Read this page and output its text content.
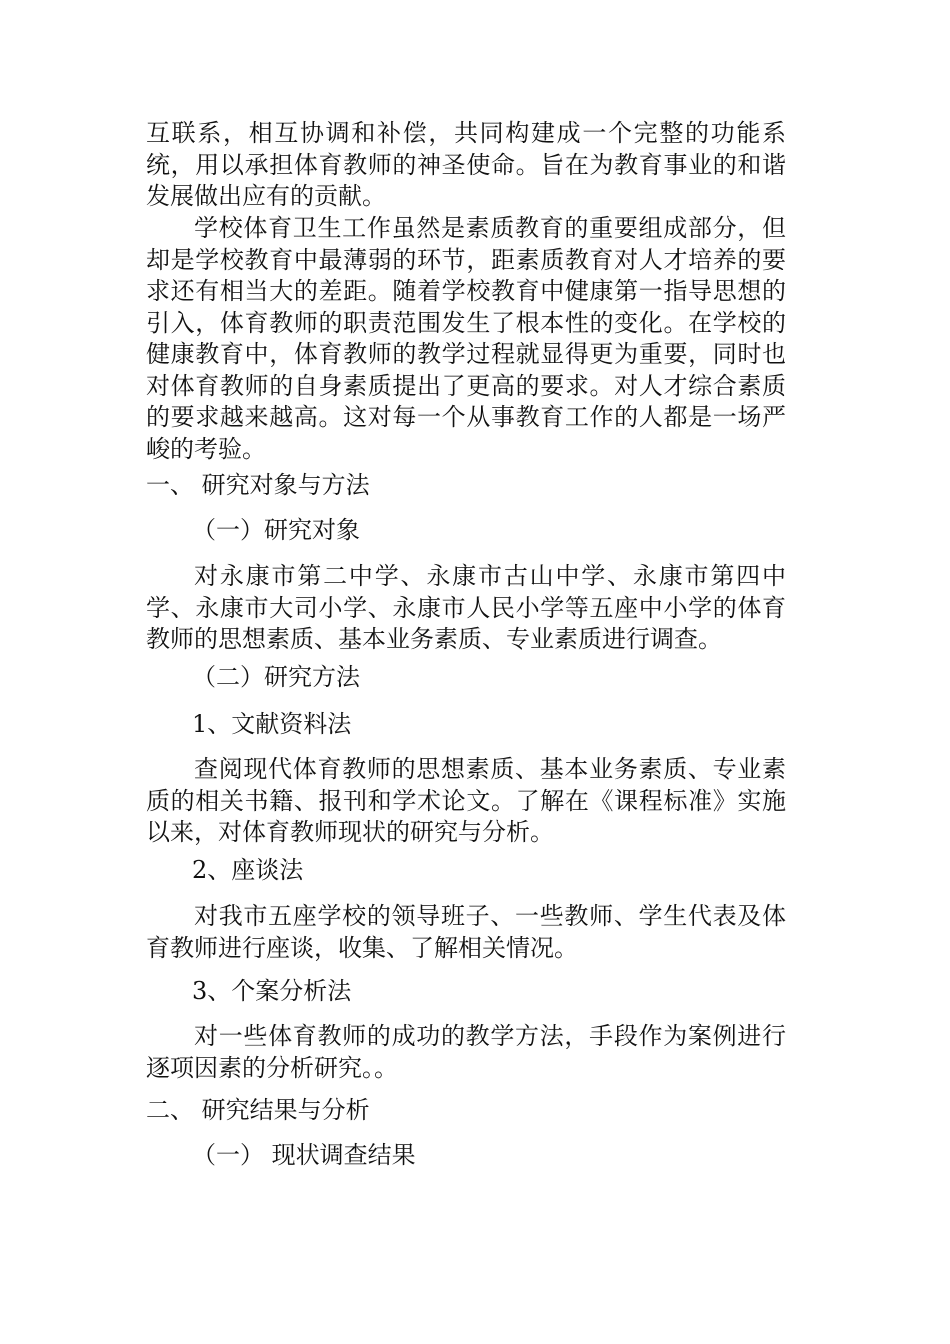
互联系，相互协调和补偿，共同构建成一个完整的功能系统，用以承担体育教师的神圣使命。旨在为教育事业的和谐发展做出应有的贡献。

学校体育卫生工作虽然是素质教育的重要组成部分，但却是学校教育中最薄弱的环节，距素质教育对人才培养的要求还有相当大的差距。随着学校教育中健康第一指导思想的引入，体育教师的职责范围发生了根本性的变化。在学校的健康教育中，体育教师的教学过程就显得更为重要，同时也对体育教师的自身素质提出了更高的要求。对人才综合素质的要求越来越高。这对每一个从事教育工作的人都是一场严峻的考验。

一、 研究对象与方法

（一）研究对象

对永康市第二中学、永康市古山中学、永康市第四中学、永康市大司小学、永康市人民小学等五座中小学的体育教师的思想素质、基本业务素质、专业素质进行调查。

（二）研究方法

1、文献资料法

查阅现代体育教师的思想素质、基本业务素质、专业素质的相关书籍、报刊和学术论文。了解在《课程标准》实施以来，对体育教师现状的研究与分析。

2、座谈法

对我市五座学校的领导班子、一些教师、学生代表及体育教师进行座谈，收集、了解相关情况。

3、个案分析法

对一些体育教师的成功的教学方法，手段作为案例进行逐项因素的分析研究。。

二、 研究结果与分析

（一） 现状调查结果
